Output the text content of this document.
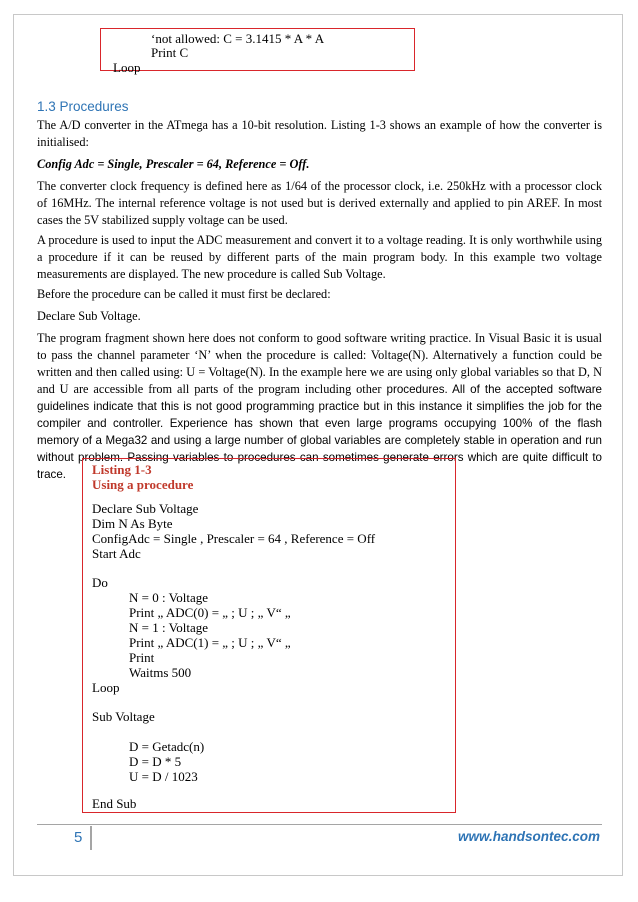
‘not allowed: C = 3.1415 * A * A
Print C
Loop
1.3 Procedures

The A/D converter in the ATmega has a 10-bit resolution. Listing 1-3 shows an example of how the converter is initialised:

Config Adc = Single, Prescaler = 64, Reference = Off.

The converter clock frequency is defined here as 1/64 of the processor clock, i.e. 250kHz with a processor clock of 16MHz. The internal reference voltage is not used but is derived externally and applied to pin AREF. In most cases the 5V stabilized supply voltage can be used.

A procedure is used to input the ADC measurement and convert it to a voltage reading. It is only worthwhile using a procedure if it can be reused by different parts of the main program body. In this example two voltage measurements are displayed. The new procedure is called Sub Voltage.

Before the procedure can be called it must first be declared:

Declare Sub Voltage.

The program fragment shown here does not conform to good software writing practice. In Visual Basic it is usual to pass the channel parameter ‘N’ when the procedure is called: Voltage(N). Alternatively a function could be written and then called using: U = Voltage(N). In the example here we are using only global variables so that D, N and U are accessible from all parts of the program including other procedures. All of the accepted software guidelines indicate that this is not good programming practice but in this instance it simplifies the job for the compiler and controller. Experience has shown that even large programs occupying 100% of the flash memory of a Mega32 and using a large number of global variables are completely stable in operation and run without problem. Passing variables to procedures can sometimes generate errors which are quite difficult to trace.	Listing 1-3
Using a procedure
Declare Sub Voltage
Dim N As Byte
ConfigAdc = Single , Prescaler = 64 , Reference = Off
Start Adc
Do
N = 0 : Voltage
Print „ ADC(0) = „ ; U ; „ V“ „
N = 1 : Voltage
Print „ ADC(1) = „ ; U ; „ V“ „
Print
Waitms 500
Loop
Sub Voltage
D = Getadc(n)
D = D * 5
U = D / 1023
End Sub
5	www.handsontec.com
